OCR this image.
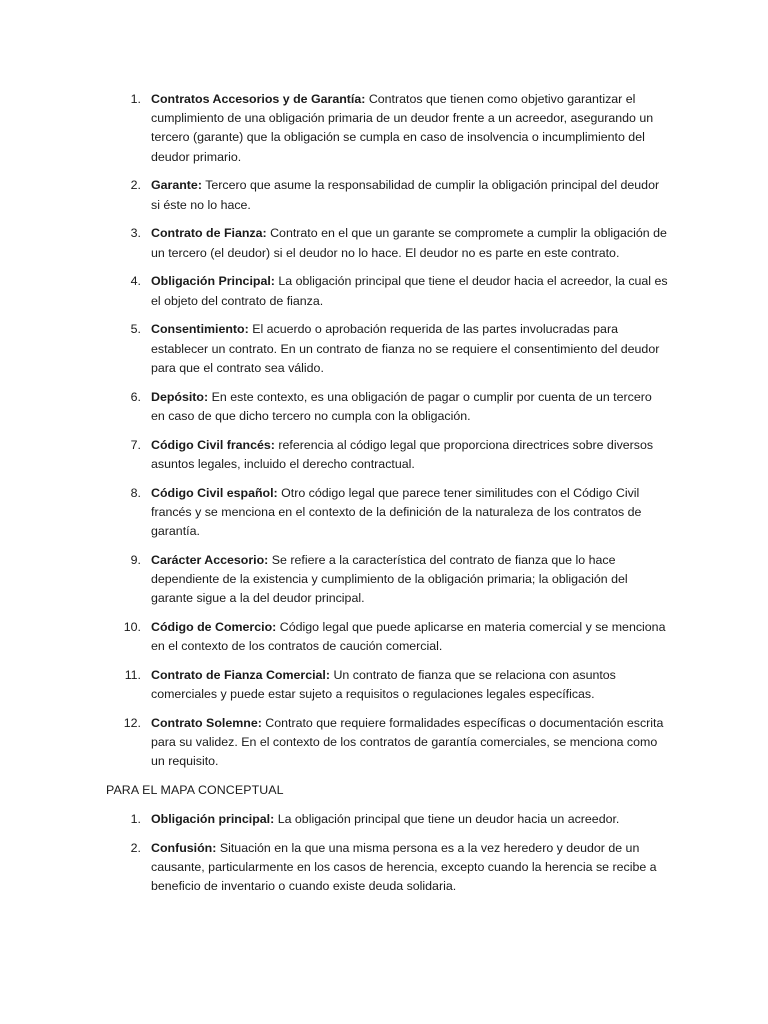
1. Contratos Accesorios y de Garantía: Contratos que tienen como objetivo garantizar el cumplimiento de una obligación primaria de un deudor frente a un acreedor, asegurando un tercero (garante) que la obligación se cumpla en caso de insolvencia o incumplimiento del deudor primario.
2. Garante: Tercero que asume la responsabilidad de cumplir la obligación principal del deudor si éste no lo hace.
3. Contrato de Fianza: Contrato en el que un garante se compromete a cumplir la obligación de un tercero (el deudor) si el deudor no lo hace. El deudor no es parte en este contrato.
4. Obligación Principal: La obligación principal que tiene el deudor hacia el acreedor, la cual es el objeto del contrato de fianza.
5. Consentimiento: El acuerdo o aprobación requerida de las partes involucradas para establecer un contrato. En un contrato de fianza no se requiere el consentimiento del deudor para que el contrato sea válido.
6. Depósito: En este contexto, es una obligación de pagar o cumplir por cuenta de un tercero en caso de que dicho tercero no cumpla con la obligación.
7. Código Civil francés: referencia al código legal que proporciona directrices sobre diversos asuntos legales, incluido el derecho contractual.
8. Código Civil español: Otro código legal que parece tener similitudes con el Código Civil francés y se menciona en el contexto de la definición de la naturaleza de los contratos de garantía.
9. Carácter Accesorio: Se refiere a la característica del contrato de fianza que lo hace dependiente de la existencia y cumplimiento de la obligación primaria; la obligación del garante sigue a la del deudor principal.
10. Código de Comercio: Código legal que puede aplicarse en materia comercial y se menciona en el contexto de los contratos de caución comercial.
11. Contrato de Fianza Comercial: Un contrato de fianza que se relaciona con asuntos comerciales y puede estar sujeto a requisitos o regulaciones legales específicas.
12. Contrato Solemne: Contrato que requiere formalidades específicas o documentación escrita para su validez. En el contexto de los contratos de garantía comerciales, se menciona como un requisito.

PARA EL MAPA CONCEPTUAL

1. Obligación principal: La obligación principal que tiene un deudor hacia un acreedor.
2. Confusión: Situación en la que una misma persona es a la vez heredero y deudor de un causante, particularmente en los casos de herencia, excepto cuando la herencia se recibe a beneficio de inventario o cuando existe deuda solidaria.
